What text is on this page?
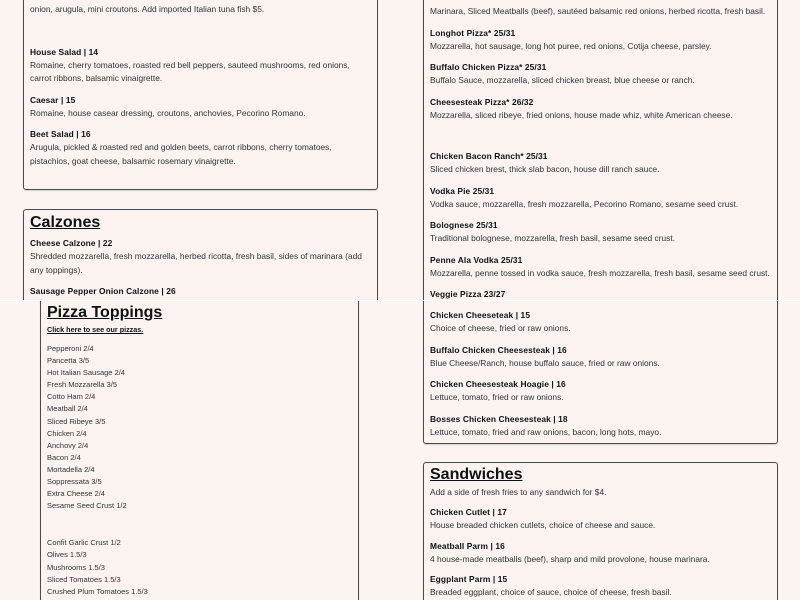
onion, arugula, mini croutons. Add imported Italian tuna fish $5.
House Salad | 14
Romaine, cherry tomatoes, roasted red bell peppers, sauteed mushrooms, red onions, carrot ribbons, balsamic vinaigrette.
Caesar | 15
Romaine, house casear dressing, croutons, anchovies, Pecorino Romano.
Beet Salad | 16
Arugula, pickled & roasted red and golden beets, carrot ribbons, cherry tomatoes, pistachios, goat cheese, balsamic rosemary vinaigrette.
Calzones
Cheese Calzone | 22
Shredded mozzarella, fresh mozzarella, herbed ricotta, fresh basil, sides of marinara (add any toppings).
Sausage Pepper Onion Calzone | 26
Marinara, Sliced Meatballs (beef), sautéed balsamic red onions, herbed ricotta, fresh basil.
Longhot Pizza* 25/31
Mozzarella, hot sausage, long hot puree, red onions, Cotija cheese, parsley.
Buffalo Chicken Pizza* 25/31
Buffalo Sauce, mozzarella, sliced chicken breast, blue cheese or ranch.
Cheesesteak Pizza* 26/32
Mozzarella, sliced ribeye, fried onions, house made whiz, white American cheese.
Chicken Bacon Ranch* 25/31
Sliced chicken brest, thick slab bacon, house dill ranch sauce.
Vodka Pie 25/31
Vodka sauce, mozzarella, fresh mozzarella, Pecorino Romano, sesame seed crust.
Bolognese 25/31
Traditional bolognese, mozzarella, fresh basil, sesame seed crust.
Penne Ala Vodka 25/31
Mozzarella, penne tossed in vodka sauce, fresh mozzarella, fresh basil, sesame seed crust.
Veggie Pizza 23/27
Pizza Toppings
Click here to see our pizzas.
Pepperoni 2/4
Pancetta 3/5
Hot Italian Sausage 2/4
Fresh Mozzarella 3/5
Cotto Ham 2/4
Meatball 2/4
Sliced Ribeye 3/5
Chicken 2/4
Anchovy 2/4
Bacon 2/4
Mortadella 2/4
Soppressata 3/5
Extra Cheese 2/4
Sesame Seed Crust 1/2
Confit Garlic Crust 1/2
Olives 1.5/3
Mushrooms 1.5/3
Sliced Tomatoes 1.5/3
Crushed Plum Tomatoes 1.5/3
Chicken Cheeseteak | 15
Choice of cheese, fried or raw onions.
Buffalo Chicken Cheesesteak | 16
Blue Cheese/Ranch, house buffalo sauce, fried or raw onions.
Chicken Cheesesteak Hoagie | 16
Lettuce, tomato, fried or raw onions.
Bosses Chicken Cheesesteak | 18
Lettuce, tomato, fried and raw onions, bacon, long hots, mayo.
Sandwiches
Add a side of fresh fries to any sandwich for $4.
Chicken Cutlet | 17
House breaded chicken cutlets, choice of cheese and sauce.
Meatball Parm | 16
4 house-made meatballs (beef), sharp and mild provolone, house marinara.
Eggplant Parm | 15
Breaded eggplant, choice of sauce, choice of cheese, fresh basil.
